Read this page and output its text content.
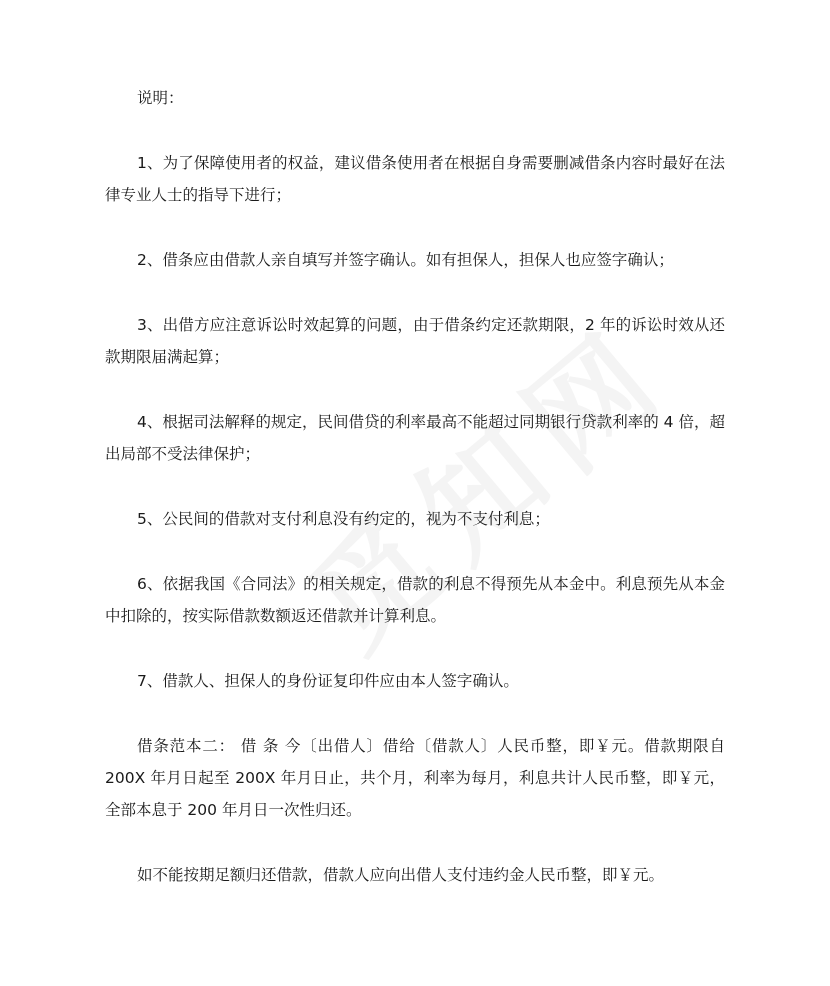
说明：

1、为了保障使用者的权益，建议借条使用者在根据自身需要删减借条内容时最好在法律专业人士的指导下进行；

2、借条应由借款人亲自填写并签字确认。如有担保人，担保人也应签字确认；

3、出借方应注意诉讼时效起算的问题，由于借条约定还款期限，2 年的诉讼时效从还款期限届满起算；

4、根据司法解释的规定，民间借贷的利率最高不能超过同期银行贷款利率的 4 倍，超出局部不受法律保护；

5、公民间的借款对支付利息没有约定的，视为不支付利息；

6、依据我国《合同法》的相关规定，借款的利息不得预先从本金中。利息预先从本金中扣除的，按实际借款数额返还借款并计算利息。

7、借款人、担保人的身份证复印件应由本人签字确认。

借条范本二： 借 条 今〔出借人〕借给〔借款人〕人民币整，即￥元。借款期限自 200X 年月日起至 200X 年月日止，共个月，利率为每月，利息共计人民币整，即￥元，全部本息于 200 年月日一次性归还。

如不能按期足额归还借款，借款人应向出借人支付违约金人民币整，即￥元。
